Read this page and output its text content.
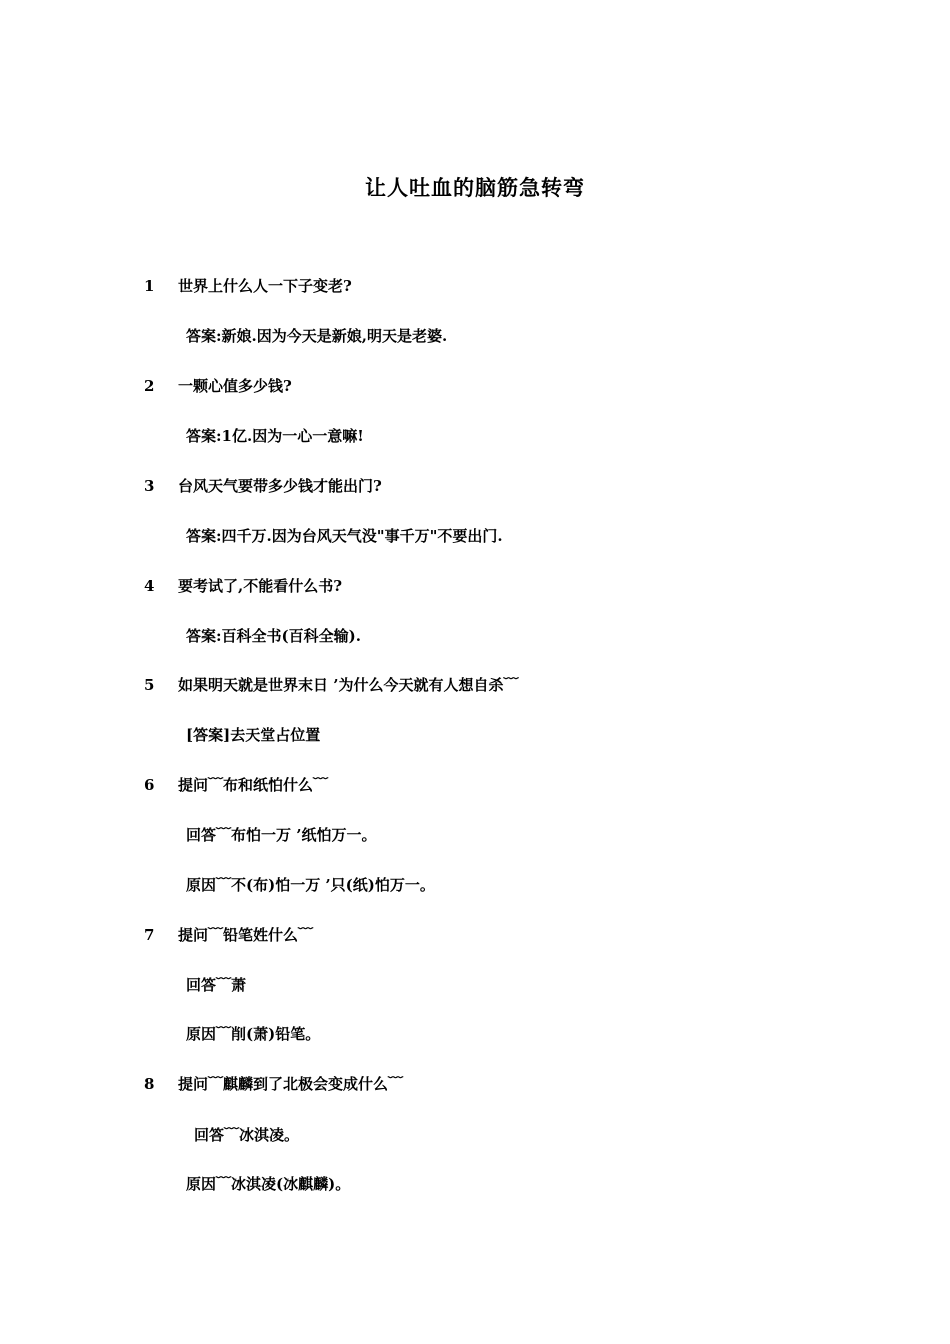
让人吐血的脑筋急转弯
1 世界上什么人一下子变老?
答案:新娘.因为今天是新娘,明天是老婆.
2 一颗心值多少钱?
答案:1亿.因为一心一意嘛!
3 台风天气要带多少钱才能出门?
答案:四千万.因为台风天气没"事千万"不要出门.
4 要考试了,不能看什么书?
答案:百科全书(百科全输).
5 如果明天就是世界末日 ’为什么今天就有人想自杀﹋
[答案]去天堂占位置
6 提问﹋布和纸怕什么﹋
回答﹋布怕一万 ’纸怕万一。
原因﹋不(布)怕一万 ’只(纸)怕万一。
7 提问﹋铅笔姓什么﹋
回答﹋萧
原因﹋削(萧)铅笔。
8 提问﹋麒麟到了北极会变成什么﹋
回答﹋冰淇凌。
原因﹋冰淇凌(冰麒麟)。
